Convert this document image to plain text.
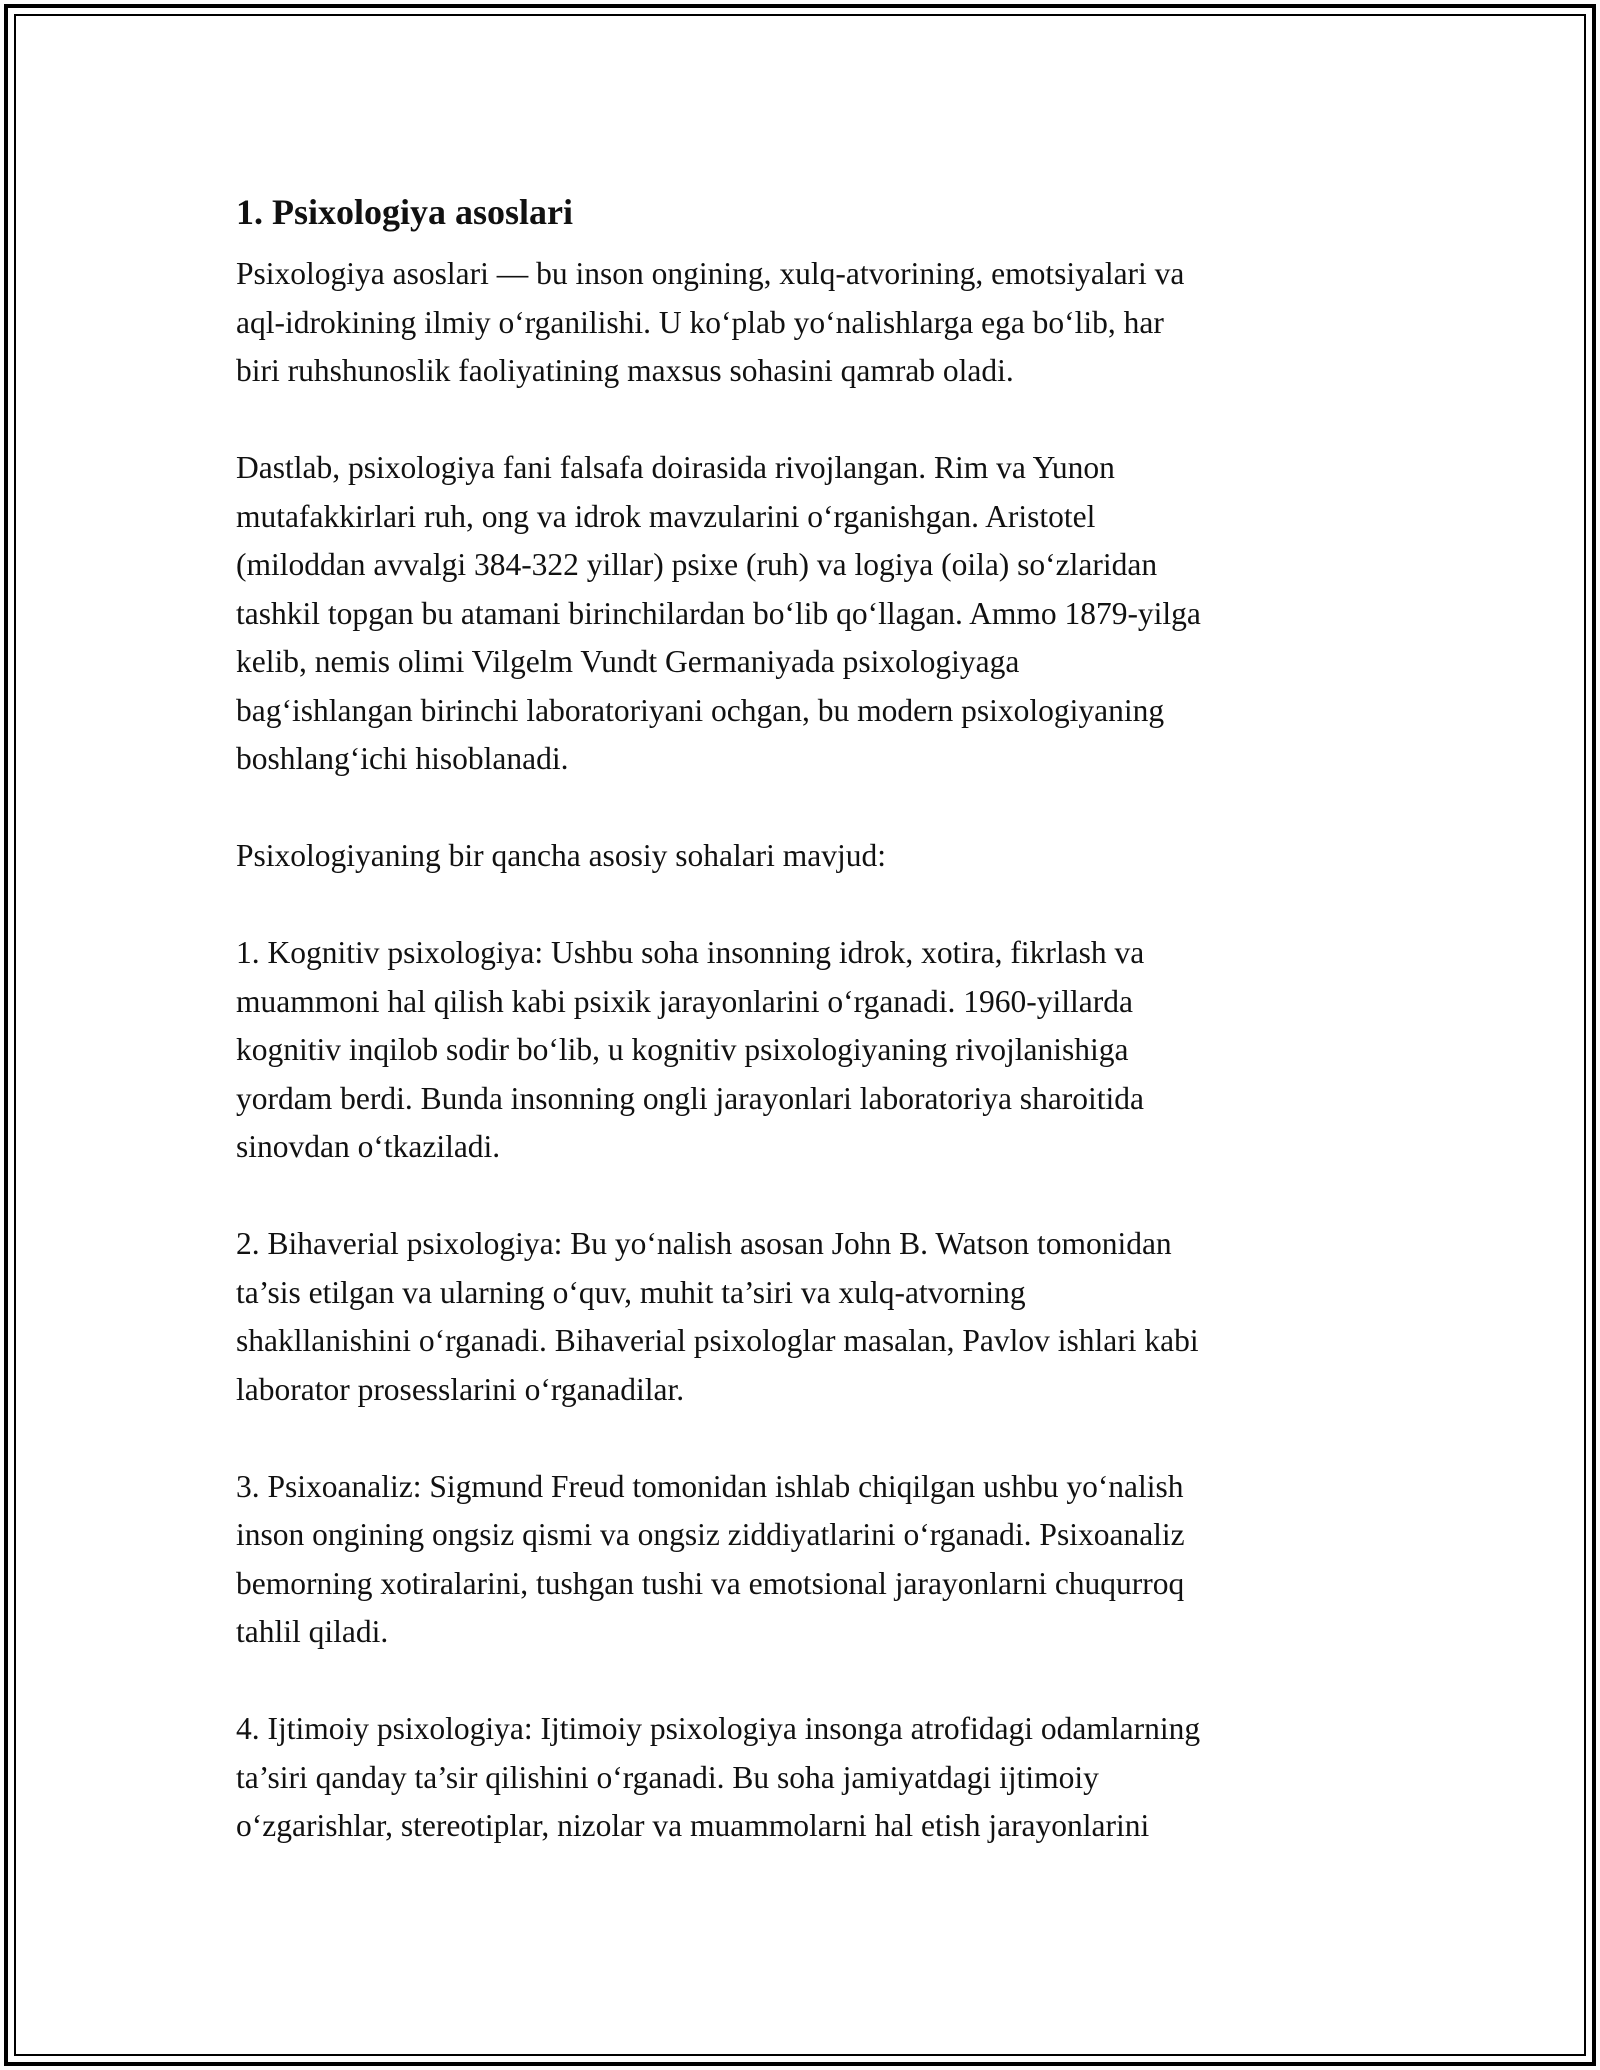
1. Psixologiya asoslari

Psixologiya asoslari — bu inson ongining, xulq-atvorining, emotsiyalari va
aql-idrokining ilmiy oʻrganilishi. U koʻplab yoʻnalishlarga ega boʻlib, har
biri ruhshunoslik faoliyatining maxsus sohasini qamrab oladi.

Dastlab, psixologiya fani falsafa doirasida rivojlangan. Rim va Yunon
mutafakkirlari ruh, ong va idrok mavzularini oʻrganishgan. Aristotel
(miloddan avvalgi 384-322 yillar) psixe (ruh) va logiya (oila) soʻzlaridan
tashkil topgan bu atamani birinchilardan boʻlib qoʻllagan. Ammo 1879-yilga
kelib, nemis olimi Vilgelm Vundt Germaniyada psixologiyaga
bagʻishlangan birinchi laboratoriyani ochgan, bu modern psixologiyaning
boshlangʻichi hisoblanadi.

Psixologiyaning bir qancha asosiy sohalari mavjud:

1. Kognitiv psixologiya: Ushbu soha insonning idrok, xotira, fikrlash va
muammoni hal qilish kabi psixik jarayonlarini oʻrganadi. 1960-yillarda
kognitiv inqilob sodir boʻlib, u kognitiv psixologiyaning rivojlanishiga
yordam berdi. Bunda insonning ongli jarayonlari laboratoriya sharoitida
sinovdan oʻtkaziladi.

2. Bihaverial psixologiya: Bu yoʻnalish asosan John B. Watson tomonidan
ta’sis etilgan va ularning oʻquv, muhit ta’siri va xulq-atvorning
shakllanishini oʻrganadi. Bihaverial psixologlar masalan, Pavlov ishlari kabi
laborator prosesslarini oʻrganadilar.

3. Psixoanaliz: Sigmund Freud tomonidan ishlab chiqilgan ushbu yoʻnalish
inson ongining ongsiz qismi va ongsiz ziddiyatlarini oʻrganadi. Psixoanaliz
bemorning xotiralarini, tushgan tushi va emotsional jarayonlarni chuqurroq
tahlil qiladi.

4. Ijtimoiy psixologiya: Ijtimoiy psixologiya insonga atrofidagi odamlarning
ta’siri qanday ta’sir qilishini oʻrganadi. Bu soha jamiyatdagi ijtimoiy
oʻzgarishlar, stereotiplar, nizolar va muammolarni hal etish jarayonlarini
